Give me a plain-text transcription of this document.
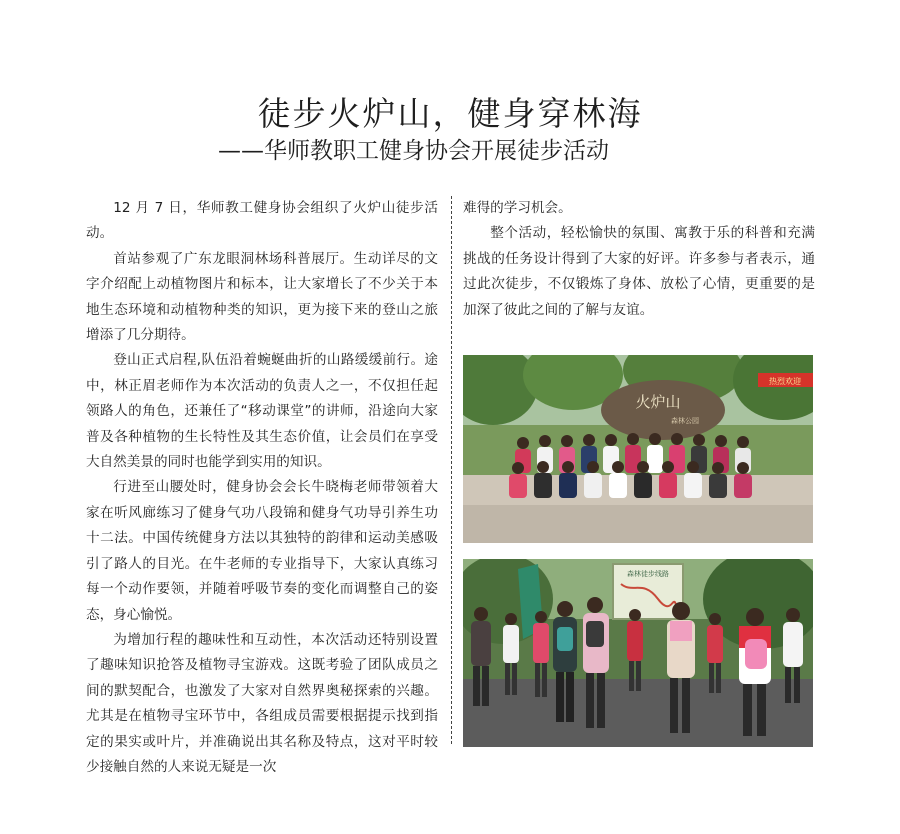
徒步火炉山，健身穿林海
——华师教职工健身协会开展徒步活动

12 月 7 日，华师教工健身协会组织了火炉山徒步活动。

首站参观了广东龙眼洞林场科普展厅。生动详尽的文字介绍配上动植物图片和标本，让大家增长了不少关于本地生态环境和动植物种类的知识，更为接下来的登山之旅增添了几分期待。

登山正式启程,队伍沿着蜿蜒曲折的山路缓缓前行。途中，林正眉老师作为本次活动的负责人之一，不仅担任起领路人的角色，还兼任了“移动课堂”的讲师，沿途向大家普及各种植物的生长特性及其生态价值，让会员们在享受大自然美景的同时也能学到实用的知识。

行进至山腰处时，健身协会会长牛晓梅老师带领着大家在听风廊练习了健身气功八段锦和健身气功导引养生功十二法。中国传统健身方法以其独特的韵律和运动美感吸引了路人的目光。在牛老师的专业指导下，大家认真练习每一个动作要领，并随着呼吸节奏的变化而调整自己的姿态，身心愉悦。

为增加行程的趣味性和互动性，本次活动还特别设置了趣味知识抢答及植物寻宝游戏。这既考验了团队成员之间的默契配合，也激发了大家对自然界奥秘探索的兴趣。尤其是在植物寻宝环节中，各组成员需要根据提示找到指定的果实或叶片，并准确说出其名称及特点，这对平时较少接触自然的人来说无疑是一次

难得的学习机会。

整个活动，轻松愉快的氛围、寓教于乐的科普和充满挑战的任务设计得到了大家的好评。许多参与者表示，通过此次徒步，不仅锻炼了身体、放松了心情，更重要的是加深了彼此之间的了解与友谊。

热烈欢迎
火炉山
森林公园
森林徒步线路
